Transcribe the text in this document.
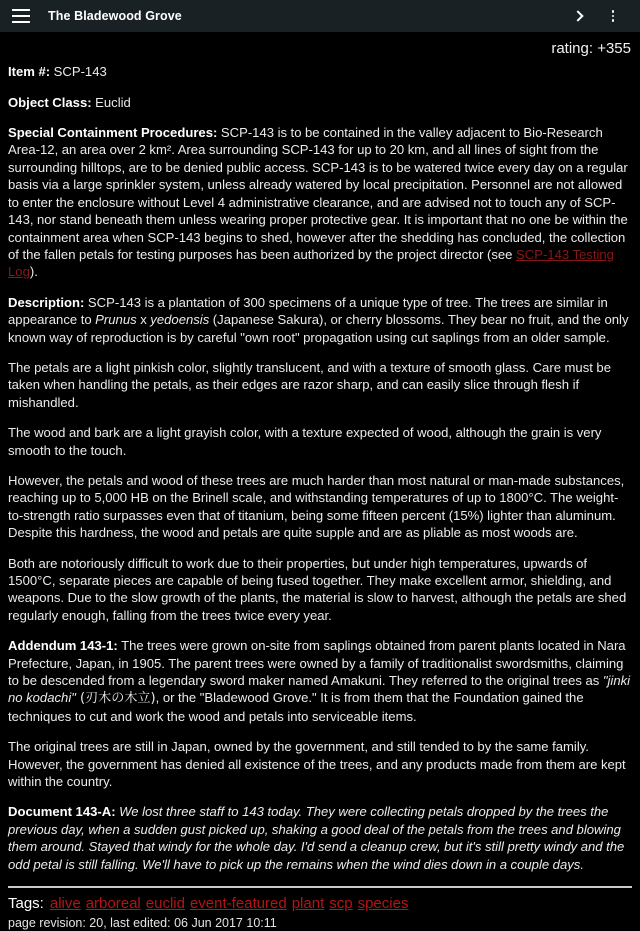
The Bladewood Grove
rating: +355

Item #: SCP-143

Object Class: Euclid

Special Containment Procedures: SCP-143 is to be contained in the valley adjacent to Bio-Research Area-12, an area over 2 km². Area surrounding SCP-143 for up to 20 km, and all lines of sight from the surrounding hilltops, are to be denied public access. SCP-143 is to be watered twice every day on a regular basis via a large sprinkler system, unless already watered by local precipitation. Personnel are not allowed to enter the enclosure without Level 4 administrative clearance, and are advised not to touch any of SCP-143, nor stand beneath them unless wearing proper protective gear. It is important that no one be within the containment area when SCP-143 begins to shed, however after the shedding has concluded, the collection of the fallen petals for testing purposes has been authorized by the project director (see SCP-143 Testing Log).

Description: SCP-143 is a plantation of 300 specimens of a unique type of tree. The trees are similar in appearance to Prunus x yedoensis (Japanese Sakura), or cherry blossoms. They bear no fruit, and the only known way of reproduction is by careful "own root" propagation using cut saplings from an older sample.

The petals are a light pinkish color, slightly translucent, and with a texture of smooth glass. Care must be taken when handling the petals, as their edges are razor sharp, and can easily slice through flesh if mishandled.

The wood and bark are a light grayish color, with a texture expected of wood, although the grain is very smooth to the touch.

However, the petals and wood of these trees are much harder than most natural or man-made substances, reaching up to 5,000 HB on the Brinell scale, and withstanding temperatures of up to 1800°C. The weight-to-strength ratio surpasses even that of titanium, being some fifteen percent (15%) lighter than aluminum. Despite this hardness, the wood and petals are quite supple and are as pliable as most woods are.

Both are notoriously difficult to work due to their properties, but under high temperatures, upwards of 1500°C, separate pieces are capable of being fused together. They make excellent armor, shielding, and weapons. Due to the slow growth of the plants, the material is slow to harvest, although the petals are shed regularly enough, falling from the trees twice every year.

Addendum 143-1: The trees were grown on-site from saplings obtained from parent plants located in Nara Prefecture, Japan, in 1905. The parent trees were owned by a family of traditionalist swordsmiths, claiming to be descended from a legendary sword maker named Amakuni. They referred to the original trees as "jinki no kodachi" (刃木の木立), or the "Bladewood Grove." It is from them that the Foundation gained the techniques to cut and work the wood and petals into serviceable items.

The original trees are still in Japan, owned by the government, and still tended to by the same family. However, the government has denied all existence of the trees, and any products made from them are kept within the country.

Document 143-A: We lost three staff to 143 today. They were collecting petals dropped by the trees the previous day, when a sudden gust picked up, shaking a good deal of the petals from the trees and blowing them around. Stayed that windy for the whole day. I'd send a cleanup crew, but it's still pretty windy and the odd petal is still falling. We'll have to pick up the remains when the wind dies down in a couple days.

Tags: alive arboreal euclid event-featured plant scp species
page revision: 20, last edited: 06 Jun 2017 10:11
